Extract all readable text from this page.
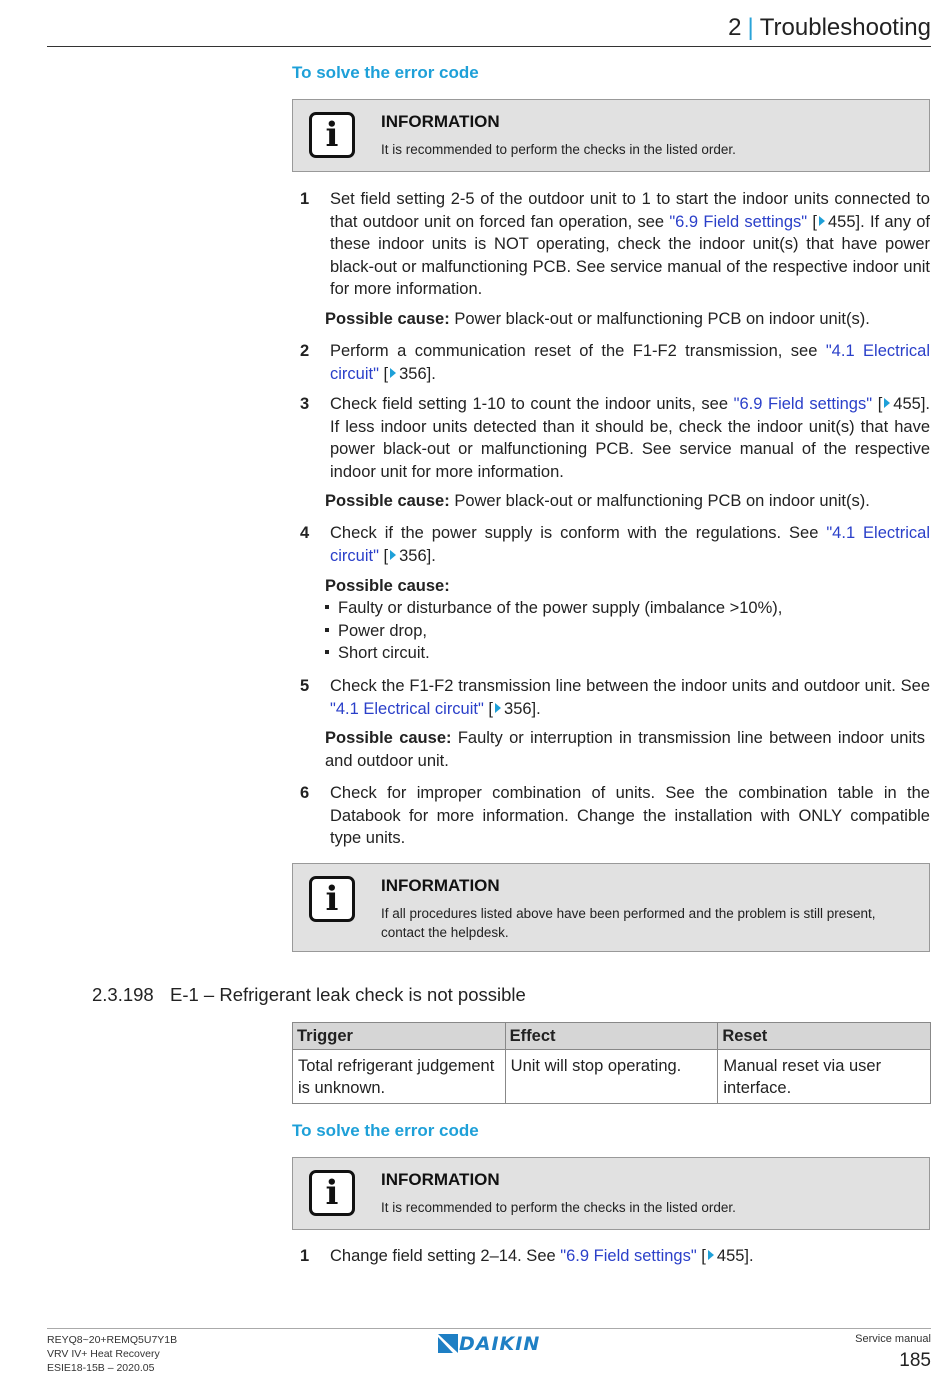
2 | Troubleshooting
To solve the error code
i	INFORMATION
It is recommended to perform the checks in the listed order.
1 Set field setting 2-5 of the outdoor unit to 1 to start the indoor units connected to that outdoor unit on forced fan operation, see "6.9 Field settings" [ 455]. If any of these indoor units is NOT operating, check the indoor unit(s) that have power black-out or malfunctioning PCB. See service manual of the respective indoor unit for more information.
Possible cause: Power black-out or malfunctioning PCB on indoor unit(s).
2 Perform a communication reset of the F1-F2 transmission, see "4.1 Electrical circuit" [ 356].
3 Check field setting 1-10 to count the indoor units, see "6.9 Field settings" [ 455]. If less indoor units detected than it should be, check the indoor unit(s) that have power black-out or malfunctioning PCB. See service manual of the respective indoor unit for more information.
Possible cause: Power black-out or malfunctioning PCB on indoor unit(s).
4 Check if the power supply is conform with the regulations. See "4.1 Electrical circuit" [ 356].
Possible cause:
Faulty or disturbance of the power supply (imbalance >10%),
Power drop,
Short circuit.
5 Check the F1-F2 transmission line between the indoor units and outdoor unit. See "4.1 Electrical circuit" [ 356].
Possible cause: Faulty or interruption in transmission line between indoor units and outdoor unit.
6 Check for improper combination of units. See the combination table in the Databook for more information. Change the installation with ONLY compatible type units.
i	INFORMATION
If all procedures listed above have been performed and the problem is still present, contact the helpdesk.
2.3.198 E-1 – Refrigerant leak check is not possible
Trigger	Effect	Reset
Total refrigerant judgement is unknown.	Unit will stop operating.	Manual reset via user interface.
To solve the error code
i	INFORMATION
It is recommended to perform the checks in the listed order.
1 Change field setting 2–14. See "6.9 Field settings" [ 455].
REYQ8~20+REMQ5U7Y1B
VRV IV+ Heat Recovery
ESIE18-15B – 2020.05
DAIKIN	Service manual
185
